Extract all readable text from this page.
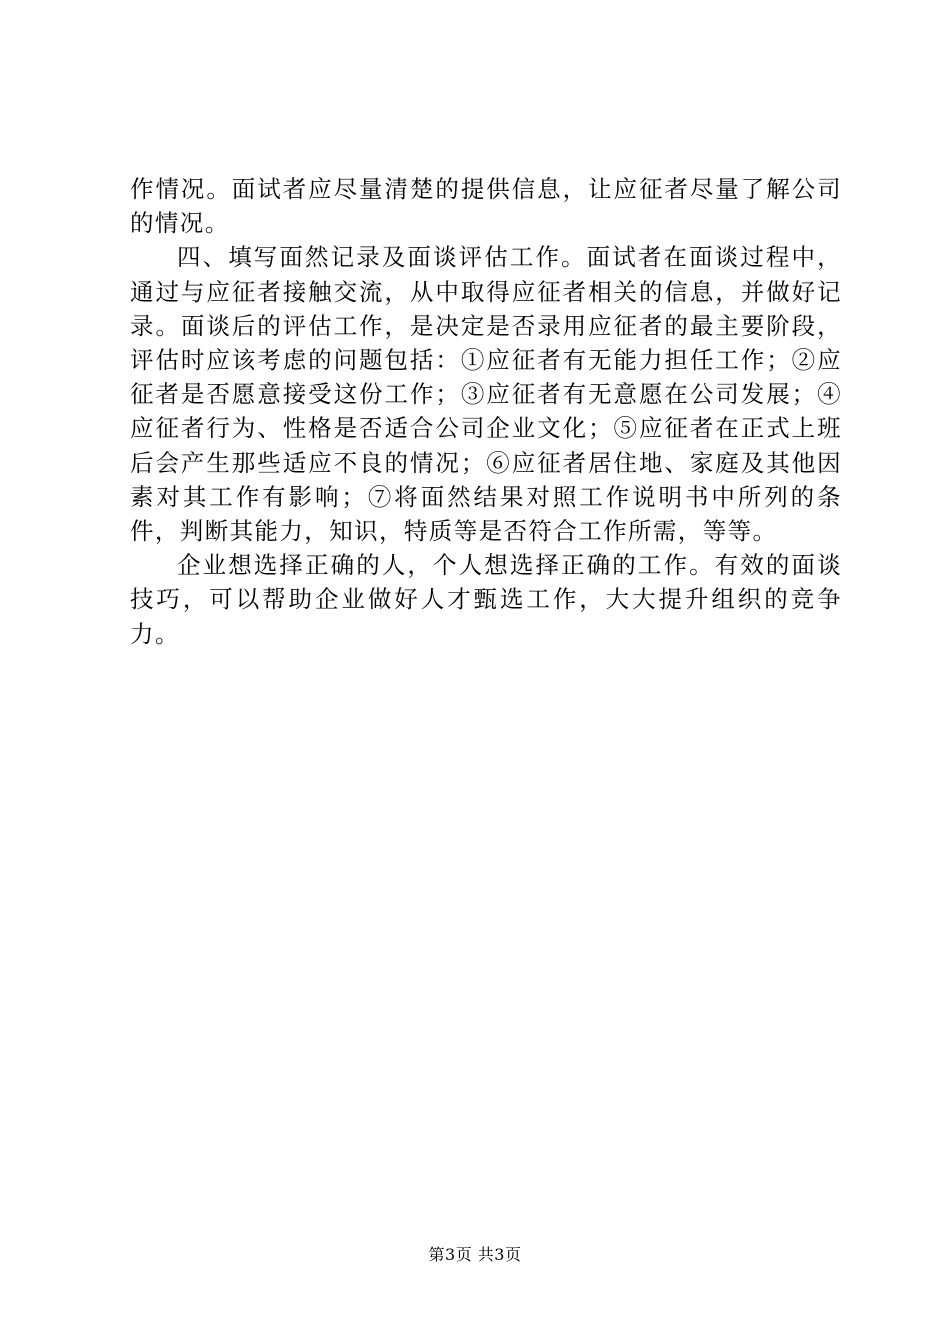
作情况。面试者应尽量清楚的提供信息，让应征者尽量了解公司的情况。

四、填写面然记录及面谈评估工作。面试者在面谈过程中，通过与应征者接触交流，从中取得应征者相关的信息，并做好记录。面谈后的评估工作，是决定是否录用应征者的最主要阶段，评估时应该考虑的问题包括：①应征者有无能力担任工作；②应征者是否愿意接受这份工作；③应征者有无意愿在公司发展；④应征者行为、性格是否适合公司企业文化；⑤应征者在正式上班后会产生那些适应不良的情况；⑥应征者居住地、家庭及其他因素对其工作有影响；⑦将面然结果对照工作说明书中所列的条件，判断其能力，知识，特质等是否符合工作所需，等等。

企业想选择正确的人，个人想选择正确的工作。有效的面谈技巧，可以帮助企业做好人才甄选工作，大大提升组织的竞争力。

第3页 共3页
